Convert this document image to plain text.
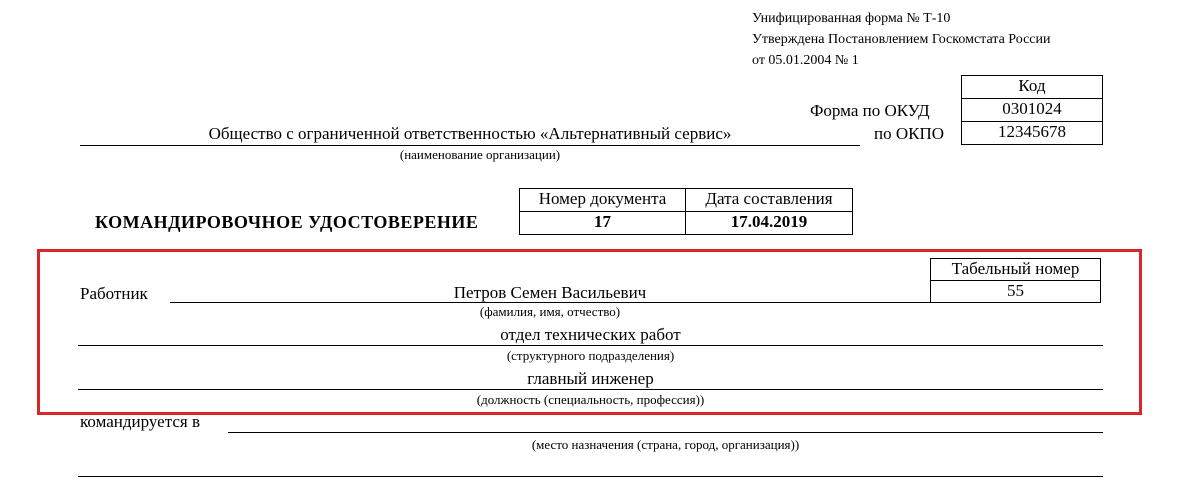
Унифицированная форма № Т-10
Утверждена Постановлением Госкомстата России
от 05.01.2004 № 1
Код
0301024
12345678
Форма по ОКУД
по ОКПО
Общество с ограниченной ответственностью «Альтернативный сервис»
(наименование организации)
Номер документа	Дата составления
17	17.04.2019
КОМАНДИРОВОЧНОЕ УДОСТОВЕРЕНИЕ
Табельный номер
55
Работник	Петров Семен Васильевич
(фамилия, имя, отчество)
отдел технических работ
(структурного подразделения)
главный инженер
(должность (специальность, профессия))
командируется в
(место назначения (страна, город, организация))
